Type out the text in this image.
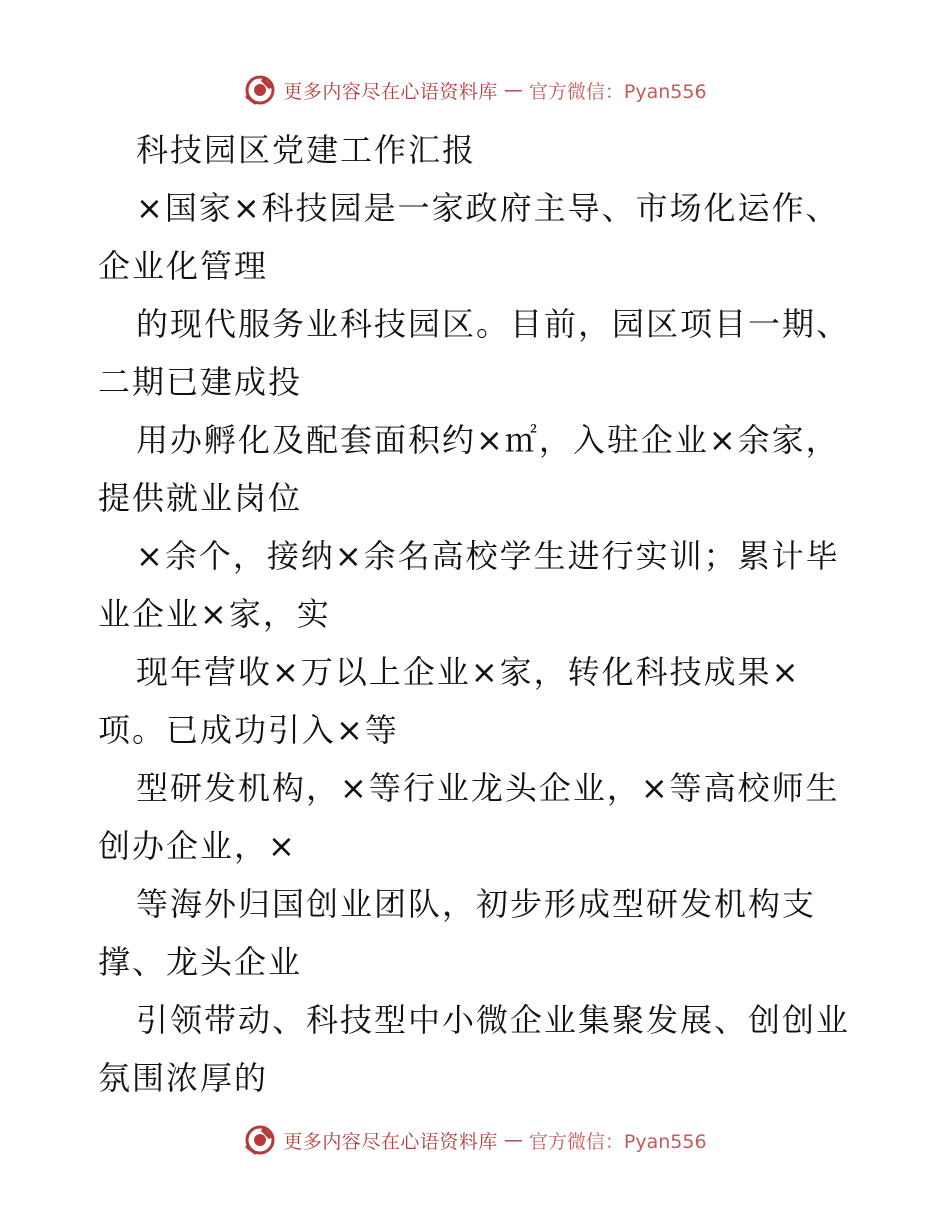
更多内容尽在心语资料库 — 官方微信：Pyan556
科技园区党建工作汇报
×国家×科技园是一家政府主导、市场化运作、
企业化管理
的现代服务业科技园区。目前，园区项目一期、
二期已建成投
用办孵化及配套面积约×㎡，入驻企业×余家，
提供就业岗位
×余个，接纳×余名高校学生进行实训；累计毕
业企业×家，实
现年营收×万以上企业×家，转化科技成果×
项。已成功引入×等
型研发机构，×等行业龙头企业，×等高校师生
创办企业，×
等海外归国创业团队，初步形成型研发机构支
撑、龙头企业
引领带动、科技型中小微企业集聚发展、创创业
氛围浓厚的
更多内容尽在心语资料库 — 官方微信：Pyan556
